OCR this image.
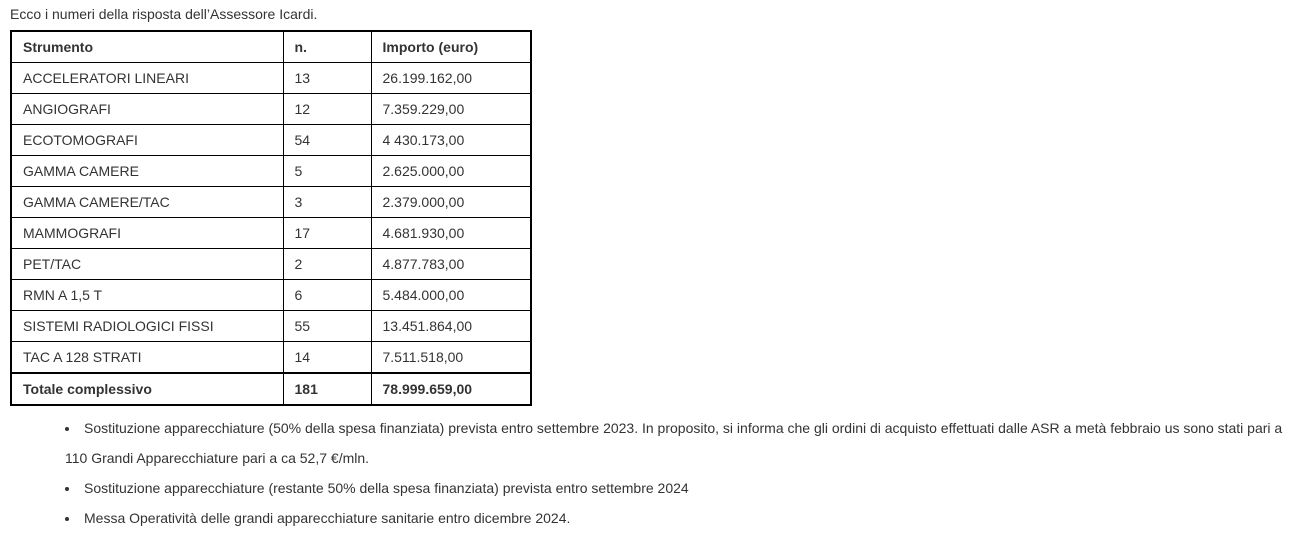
Ecco i numeri della risposta dell’Assessore Icardi.

Strumento	n.	Importo (euro)
ACCELERATORI LINEARI	13	26.199.162,00
ANGIOGRAFI	12	7.359.229,00
ECOTOMOGRAFI	54	4 430.173,00
GAMMA CAMERE	5	2.625.000,00
GAMMA CAMERE/TAC	3	2.379.000,00
MAMMOGRAFI	17	4.681.930,00
PET/TAC	2	4.877.783,00
RMN A 1,5 T	6	5.484.000,00
SISTEMI RADIOLOGICI FISSI	55	13.451.864,00
TAC A 128 STRATI	14	7.511.518,00
Totale complessivo	181	78.999.659,00
• Sostituzione apparecchiature (50% della spesa finanziata) prevista entro settembre 2023. In proposito, si informa che gli ordini di acquisto effettuati dalle ASR a metà febbraio us sono stati pari a 110 Grandi Apparecchiature pari a ca 52,7 €/mln.
• Sostituzione apparecchiature (restante 50% della spesa finanziata) prevista entro settembre 2024
• Messa Operatività delle grandi apparecchiature sanitarie entro dicembre 2024.
